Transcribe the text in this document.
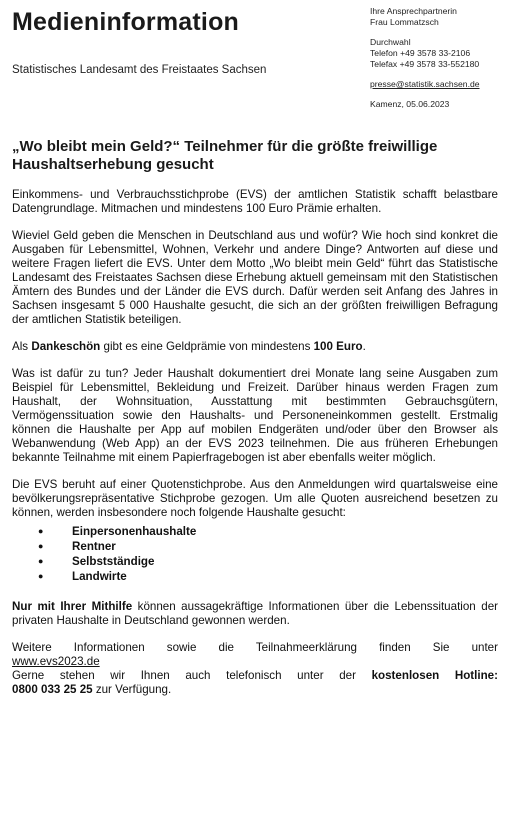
Medieninformation
Statistisches Landesamt des Freistaates Sachsen
Ihre Ansprechpartnerin
Frau Lommatzsch
Durchwahl
Telefon +49 3578 33-2106
Telefax +49 3578 33-552180
presse@statistik.sachsen.de
Kamenz, 05.06.2023
„Wo bleibt mein Geld?“ Teilnehmer für die größte freiwillige Haushaltserhebung gesucht

Einkommens- und Verbrauchsstichprobe (EVS) der amtlichen Statistik schafft belastbare Datengrundlage. Mitmachen und mindestens 100 Euro Prämie erhalten.

Wieviel Geld geben die Menschen in Deutschland aus und wofür? Wie hoch sind konkret die Ausgaben für Lebensmittel, Wohnen, Verkehr und andere Dinge? Antworten auf diese und weitere Fragen liefert die EVS. Unter dem Motto „Wo bleibt mein Geld“ führt das Statistische Landesamt des Freistaates Sachsen diese Erhebung aktuell gemeinsam mit den Statistischen Ämtern des Bundes und der Länder die EVS durch. Dafür werden seit Anfang des Jahres in Sachsen insgesamt 5 000 Haushalte gesucht, die sich an der größten freiwilligen Befragung der amtlichen Statistik beteiligen.

Als Dankeschön gibt es eine Geldprämie von mindestens 100 Euro.

Was ist dafür zu tun? Jeder Haushalt dokumentiert drei Monate lang seine Ausgaben zum Beispiel für Lebensmittel, Bekleidung und Freizeit. Darüber hinaus werden Fragen zum Haushalt, der Wohnsituation, Ausstattung mit bestimmten Gebrauchsgütern, Vermögenssituation sowie den Haushalts- und Personeneinkommen gestellt. Erstmalig können die Haushalte per App auf mobilen Endgeräten und/oder über den Browser als Webanwendung (Web App) an der EVS 2023 teilnehmen. Die aus früheren Erhebungen bekannte Teilnahme mit einem Papierfragebogen ist aber ebenfalls weiter möglich.

Die EVS beruht auf einer Quotenstichprobe. Aus den Anmeldungen wird quartalsweise eine bevölkerungsrepräsentative Stichprobe gezogen. Um alle Quoten ausreichend besetzen zu können, werden insbesondere noch folgende Haushalte gesucht:

● Einpersonenhaushalte
● Rentner
● Selbstständige
● Landwirte

Nur mit Ihrer Mithilfe können aussagekräftige Informationen über die Lebenssituation der privaten Haushalte in Deutschland gewonnen werden.

Weitere Informationen sowie die Teilnahmeerklärung finden Sie unter
www.evs2023.de

Gerne stehen wir Ihnen auch telefonisch unter der kostenlosen Hotline:
0800 033 25 25 zur Verfügung.
